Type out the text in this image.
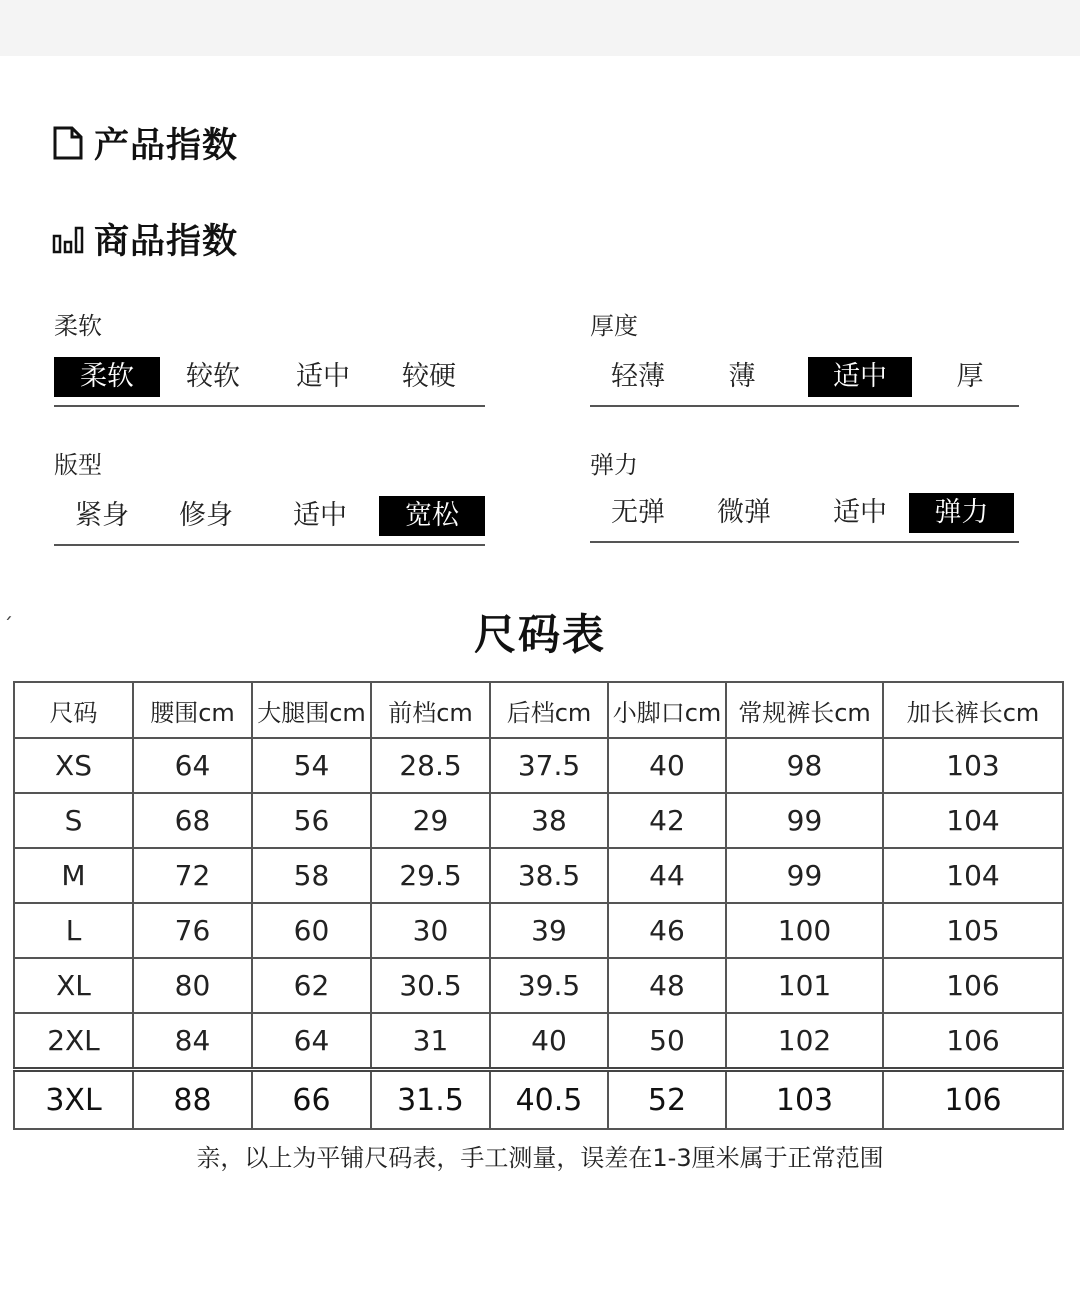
产品指数
商品指数
柔软
柔软	较软	适中	较硬
厚度
轻薄	薄	适中	厚
版型
紧身	修身	适中	宽松
弹力
无弹	微弹	适中	弹力
ˏ
尺码表
尺码	腰围cm	大腿围cm	前档cm	后档cm	小脚口cm	常规裤长cm	加长裤长cm
XS	64	54	28.5	37.5	40	98	103
S	68	56	29	38	42	99	104
M	72	58	29.5	38.5	44	99	104
L	76	60	30	39	46	100	105
XL	80	62	30.5	39.5	48	101	106
2XL	84	64	31	40	50	102	106
3XL	88	66	31.5	40.5	52	103	106
亲，以上为平铺尺码表，手工测量，误差在1-3厘米属于正常范围
